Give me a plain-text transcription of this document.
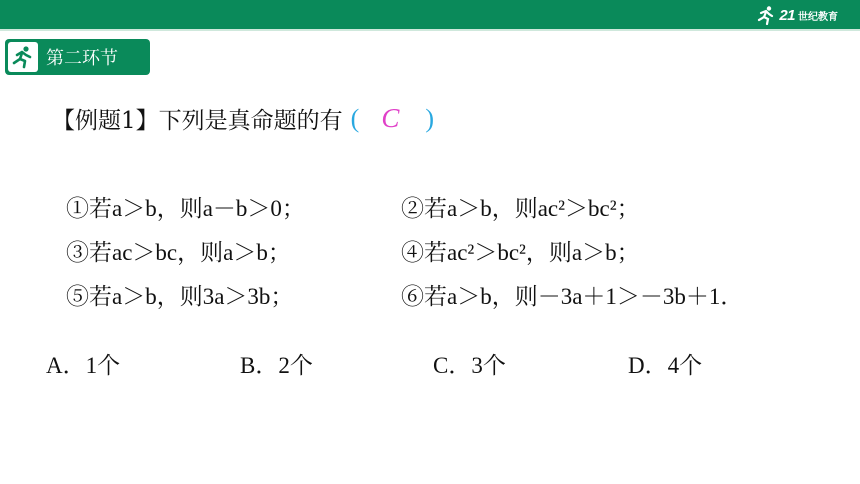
21 世纪教育
第二环节
【例题1】下列是真命题的有 ( C )
①若a＞b，则a－b＞0；	②若a＞b，则ac²＞bc²；
③若ac＞bc，则a＞b；	④若ac²＞bc²，则a＞b；
⑤若a＞b，则3a＞3b；	⑥若a＞b，则－3a＋1＞－3b＋1．
A．1个	B．2个	C．3个	D．4个
